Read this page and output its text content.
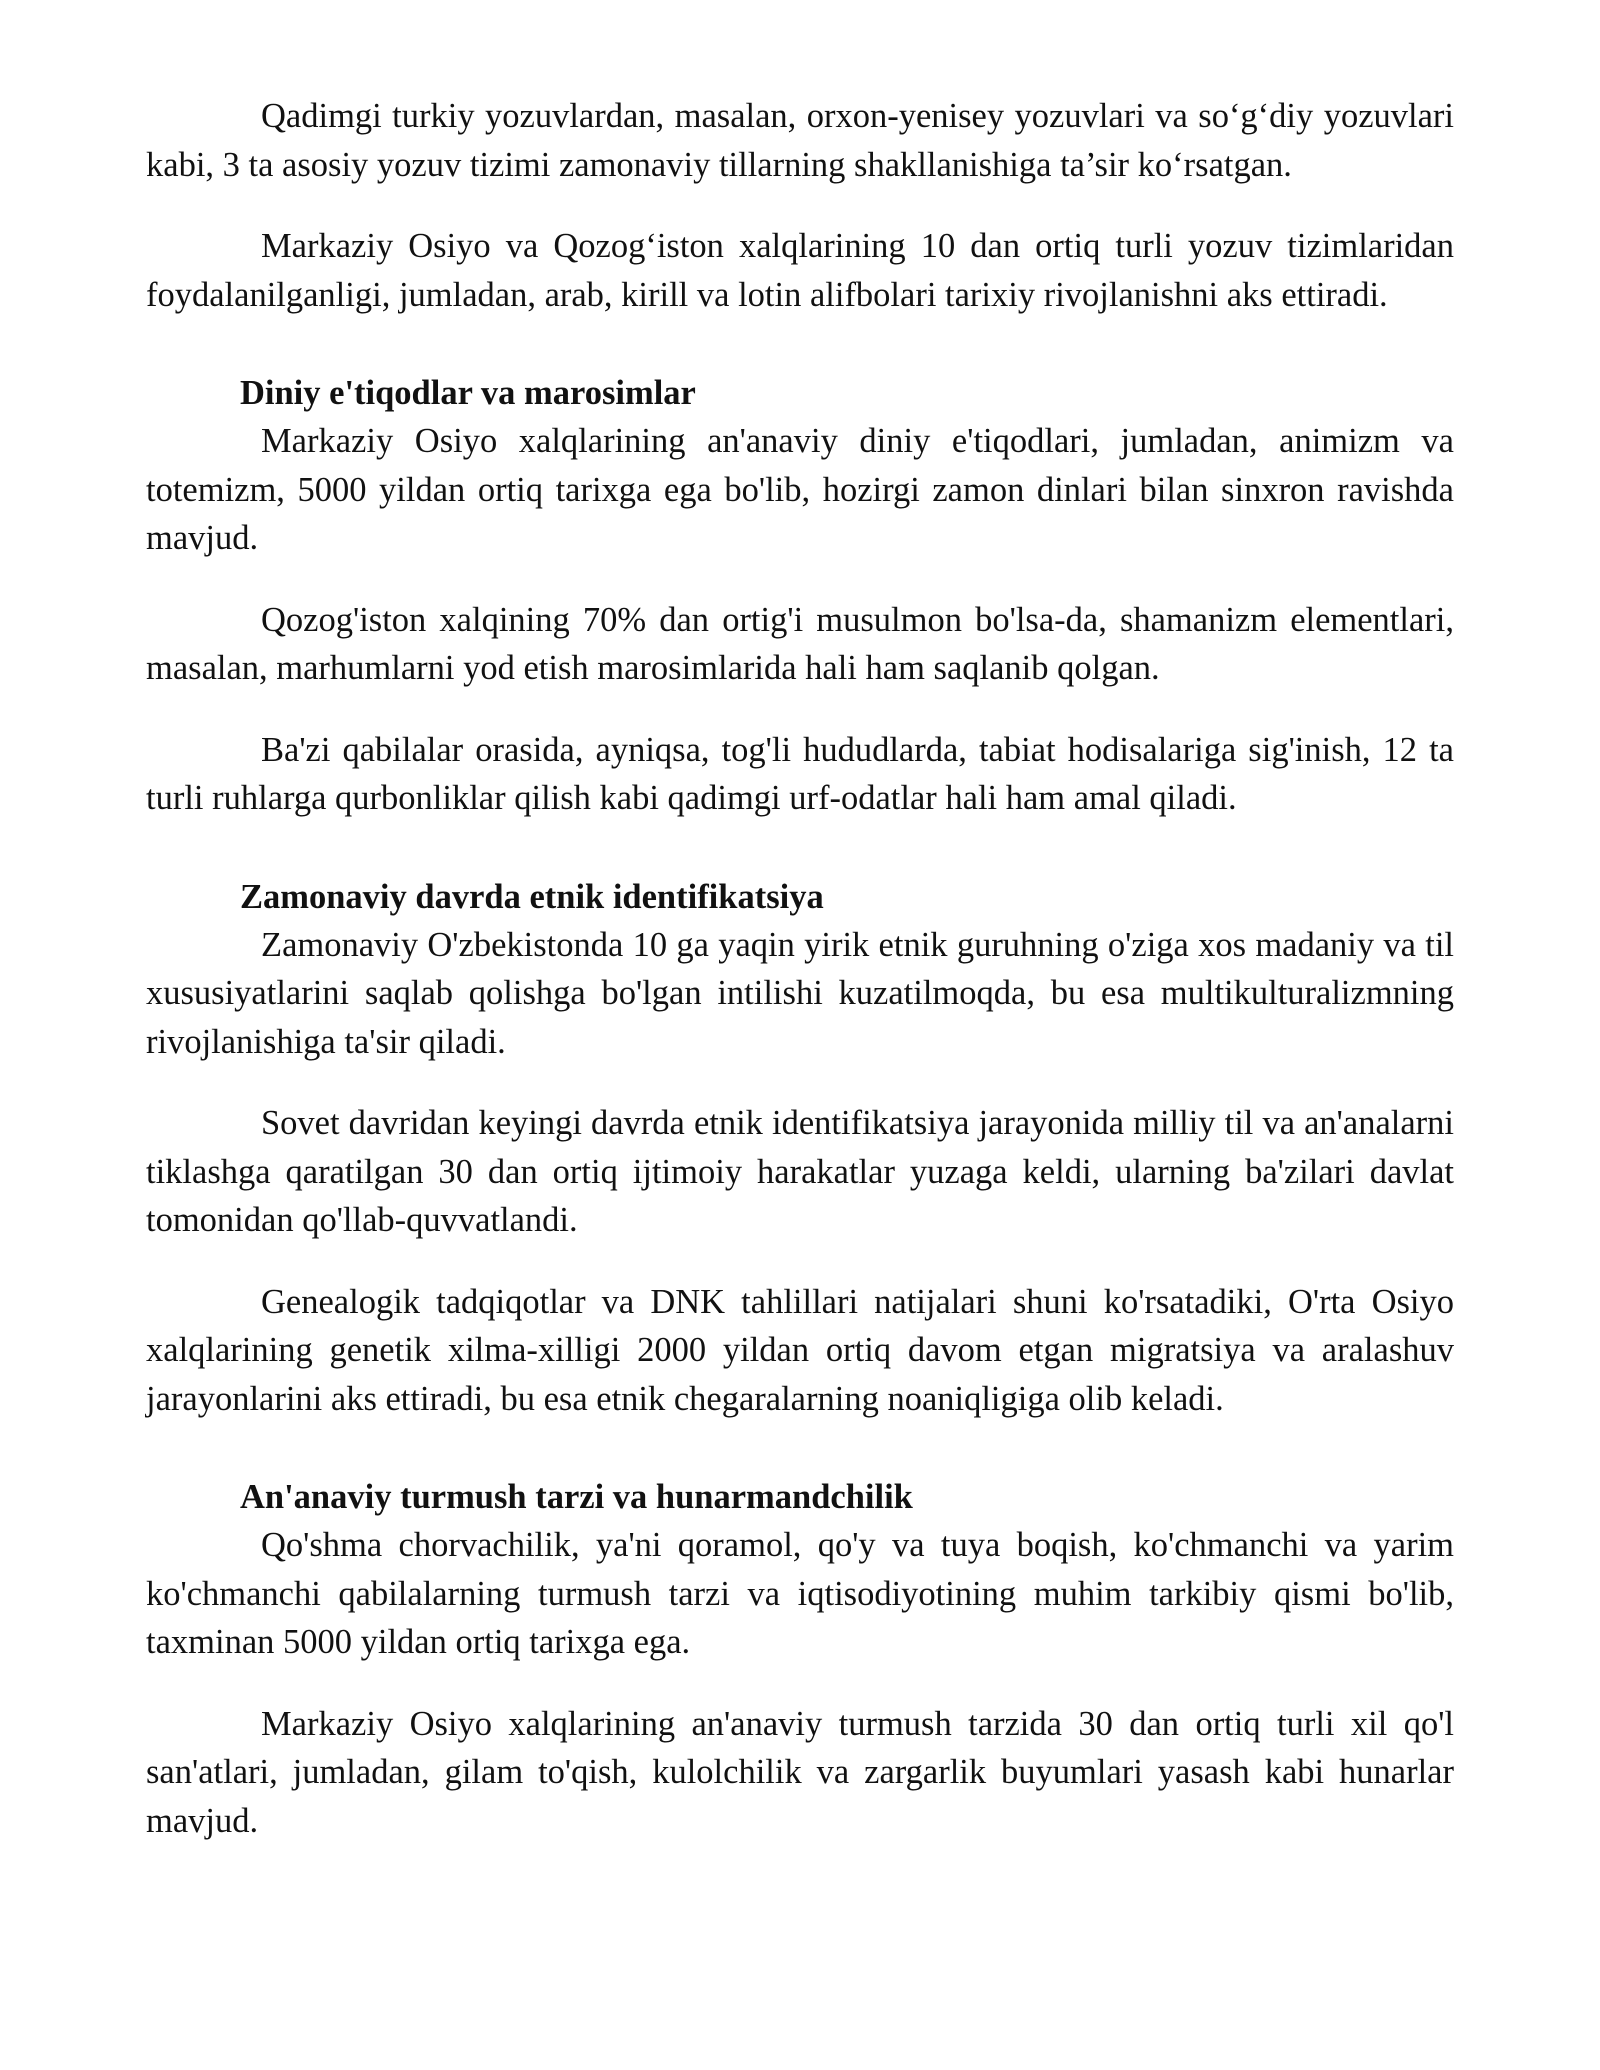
Qadimgi turkiy yozuvlardan, masalan, orxon-yenisey yozuvlari va so‘g‘diy yozuvlari kabi, 3 ta asosiy yozuv tizimi zamonaviy tillarning shakllanishiga ta’sir ko‘rsatgan.

Markaziy Osiyo va Qozog‘iston xalqlarining 10 dan ortiq turli yozuv tizimlaridan foydalanilganligi, jumladan, arab, kirill va lotin alifbolari tarixiy rivojlanishni aks ettiradi.

Diniy e'tiqodlar va marosimlar

Markaziy Osiyo xalqlarining an'anaviy diniy e'tiqodlari, jumladan, animizm va totemizm, 5000 yildan ortiq tarixga ega bo'lib, hozirgi zamon dinlari bilan sinxron ravishda mavjud.

Qozog'iston xalqining 70% dan ortig'i musulmon bo'lsa-da, shamanizm elementlari, masalan, marhumlarni yod etish marosimlarida hali ham saqlanib qolgan.

Ba'zi qabilalar orasida, ayniqsa, tog'li hududlarda, tabiat hodisalariga sig'inish, 12 ta turli ruhlarga qurbonliklar qilish kabi qadimgi urf-odatlar hali ham amal qiladi.

Zamonaviy davrda etnik identifikatsiya

Zamonaviy O'zbekistonda 10 ga yaqin yirik etnik guruhning o'ziga xos madaniy va til xususiyatlarini saqlab qolishga bo'lgan intilishi kuzatilmoqda, bu esa multikulturalizmning rivojlanishiga ta'sir qiladi.

Sovet davridan keyingi davrda etnik identifikatsiya jarayonida milliy til va an'analarni tiklashga qaratilgan 30 dan ortiq ijtimoiy harakatlar yuzaga keldi, ularning ba'zilari davlat tomonidan qo'llab-quvvatlandi.

Genealogik tadqiqotlar va DNK tahlillari natijalari shuni ko'rsatadiki, O'rta Osiyo xalqlarining genetik xilma-xilligi 2000 yildan ortiq davom etgan migratsiya va aralashuv jarayonlarini aks ettiradi, bu esa etnik chegaralarning noaniqligiga olib keladi.

An'anaviy turmush tarzi va hunarmandchilik

Qo'shma chorvachilik, ya'ni qoramol, qo'y va tuya boqish, ko'chmanchi va yarim ko'chmanchi qabilalarning turmush tarzi va iqtisodiyotining muhim tarkibiy qismi bo'lib, taxminan 5000 yildan ortiq tarixga ega.

Markaziy Osiyo xalqlarining an'anaviy turmush tarzida 30 dan ortiq turli xil qo'l san'atlari, jumladan, gilam to'qish, kulolchilik va zargarlik buyumlari yasash kabi hunarlar mavjud.
